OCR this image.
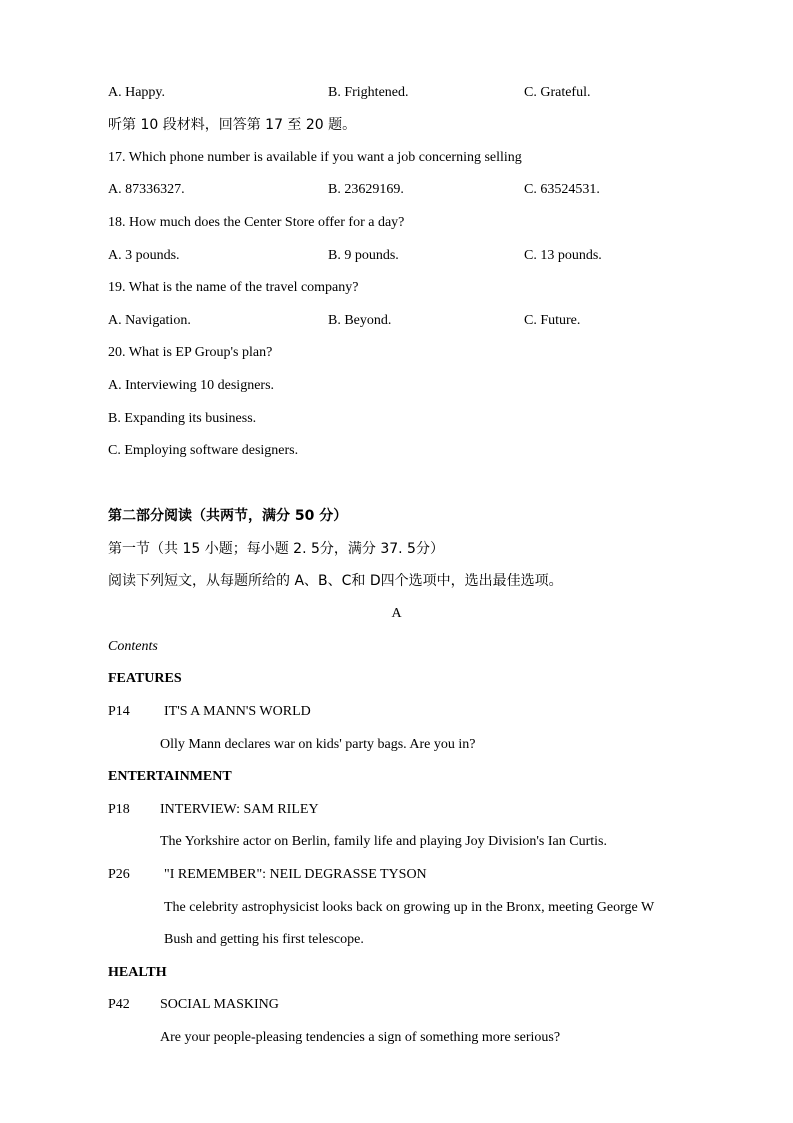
A. Happy.	B. Frightened.	C. Grateful.
听第 10 段材料，回答第 17 至 20 题。
17. Which phone number is available if you want a job concerning selling
A. 87336327.	B. 23629169.	C. 63524531.
18. How much does the Center Store offer for a day?
A. 3 pounds.	B. 9 pounds.	C. 13 pounds.
19. What is the name of the travel company?
A. Navigation.	B. Beyond.	C. Future.
20. What is EP Group's plan?
A. Interviewing 10 designers.
B. Expanding its business.
C. Employing software designers.
第二部分阅读（共两节，满分 50 分）
第一节（共 15 小题；每小题 2. 5分，满分 37. 5分）
阅读下列短文，从每题所给的 A、B、C和 D四个选项中，选出最佳选项。
A
Contents
FEATURES
P14 IT'S A MANN'S WORLD
Olly Mann declares war on kids' party bags. Are you in?
ENTERTAINMENT
P18 INTERVIEW: SAM RILEY
The Yorkshire actor on Berlin, family life and playing Joy Division's Ian Curtis.
P26 "I REMEMBER": NEIL DEGRASSE TYSON
The celebrity astrophysicist looks back on growing up in the Bronx, meeting George W
Bush and getting his first telescope.
HEALTH
P42 SOCIAL MASKING
Are your people-pleasing tendencies a sign of something more serious?
